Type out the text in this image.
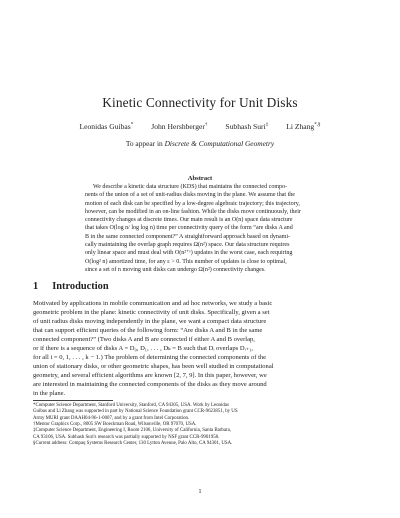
Kinetic Connectivity for Unit Disks
Leonidas Guibas* John Hershberger† Subhash Suri‡ Li Zhang*,§
To appear in Discrete & Computational Geometry
Abstract
We describe a kinetic data structure (KDS) that maintains the connected compo-
nents of the union of a set of unit-radius disks moving in the plane. We assume that the
motion of each disk can be specified by a low-degree algebraic trajectory; this trajectory,
however, can be modified in an on-line fashion. While the disks move continuously, their
connectivity changes at discrete times. Our main result is an O(n) space data structure
that takes O(log n/ log log n) time per connectivity query of the form “are disks A and
B in the same connected component?” A straightforward approach based on dynami-
cally maintaining the overlap graph requires Ω(n²) space. Our data structure requires
only linear space and must deal with O(n²⁺ᵋ) updates in the worst case, each requiring
O(log² n) amortized time, for any ε > 0. This number of updates is close to optimal,
since a set of n moving unit disks can undergo Ω(n²) connectivity changes.
1 Introduction
Motivated by applications in mobile communication and ad hoc networks, we study a basic
geometric problem in the plane: kinetic connectivity of unit disks. Specifically, given a set
of unit radius disks moving independently in the plane, we want a compact data structure
that can support efficient queries of the following form: “Are disks A and B in the same
connected component?” (Two disks A and B are connected if either A and B overlap,
or if there is a sequence of disks A = D₀, D₁, . . . , Dₖ = B such that Dᵢ overlaps Dᵢ₊₁,
for all i = 0, 1, . . . , k − 1.) The problem of determining the connected components of the
union of stationary disks, or other geometric shapes, has been well studied in computational
geometry, and several efficient algorithms are known [2, 7, 9]. In this paper, however, we
are interested in maintaining the connected components of the disks as they move around
in the plane.
*Computer Science Department, Stanford University, Stanford, CA 94305, USA. Work by Leonidas
Guibas and Li Zhang was supported in part by National Science Foundation grant CCR-9623851, by US
Army MURI grant DAAH04-96-1-0007, and by a grant from Intel Corporation.
†Mentor Graphics Corp., 8005 SW Boeckman Road, Wilsonville, OR 97070, USA.
‡Computer Science Department, Engineering I, Room 2106, University of California, Santa Barbara,
CA 93106, USA. Subhash Suri's research was partially supported by NSF grant CCR-9901958.
§Current address: Compaq Systems Research Center, 130 Lytton Avenue, Palo Alto, CA 94301, USA.
1
